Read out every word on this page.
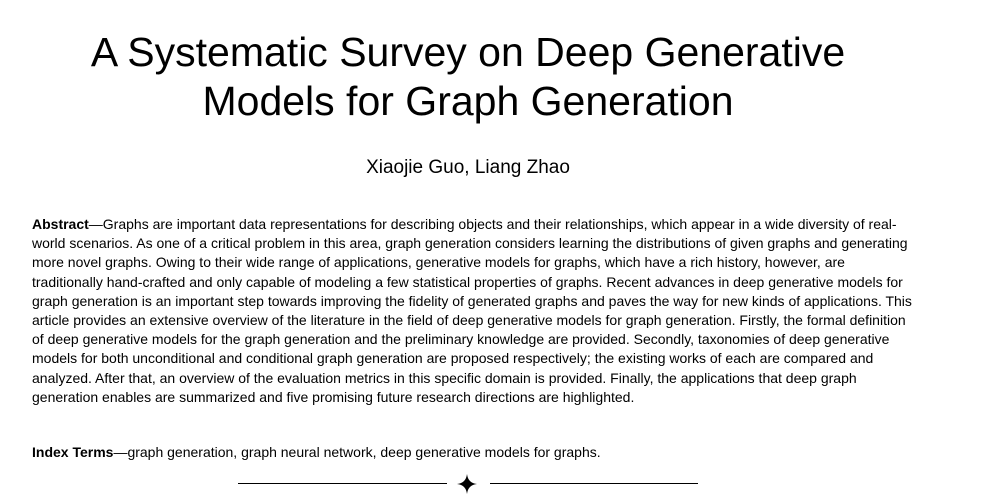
A Systematic Survey on Deep Generative
Models for Graph Generation

Xiaojie Guo, Liang Zhao

Abstract—Graphs are important data representations for describing objects and their relationships, which appear in a wide diversity of real-world scenarios. As one of a critical problem in this area, graph generation considers learning the distributions of given graphs and generating more novel graphs. Owing to their wide range of applications, generative models for graphs, which have a rich history, however, are traditionally hand-crafted and only capable of modeling a few statistical properties of graphs. Recent advances in deep generative models for graph generation is an important step towards improving the fidelity of generated graphs and paves the way for new kinds of applications. This article provides an extensive overview of the literature in the field of deep generative models for graph generation. Firstly, the formal definition of deep generative models for the graph generation and the preliminary knowledge are provided. Secondly, taxonomies of deep generative models for both unconditional and conditional graph generation are proposed respectively; the existing works of each are compared and analyzed. After that, an overview of the evaluation metrics in this specific domain is provided. Finally, the applications that deep graph generation enables are summarized and five promising future research directions are highlighted.

Index Terms—graph generation, graph neural network, deep generative models for graphs.
